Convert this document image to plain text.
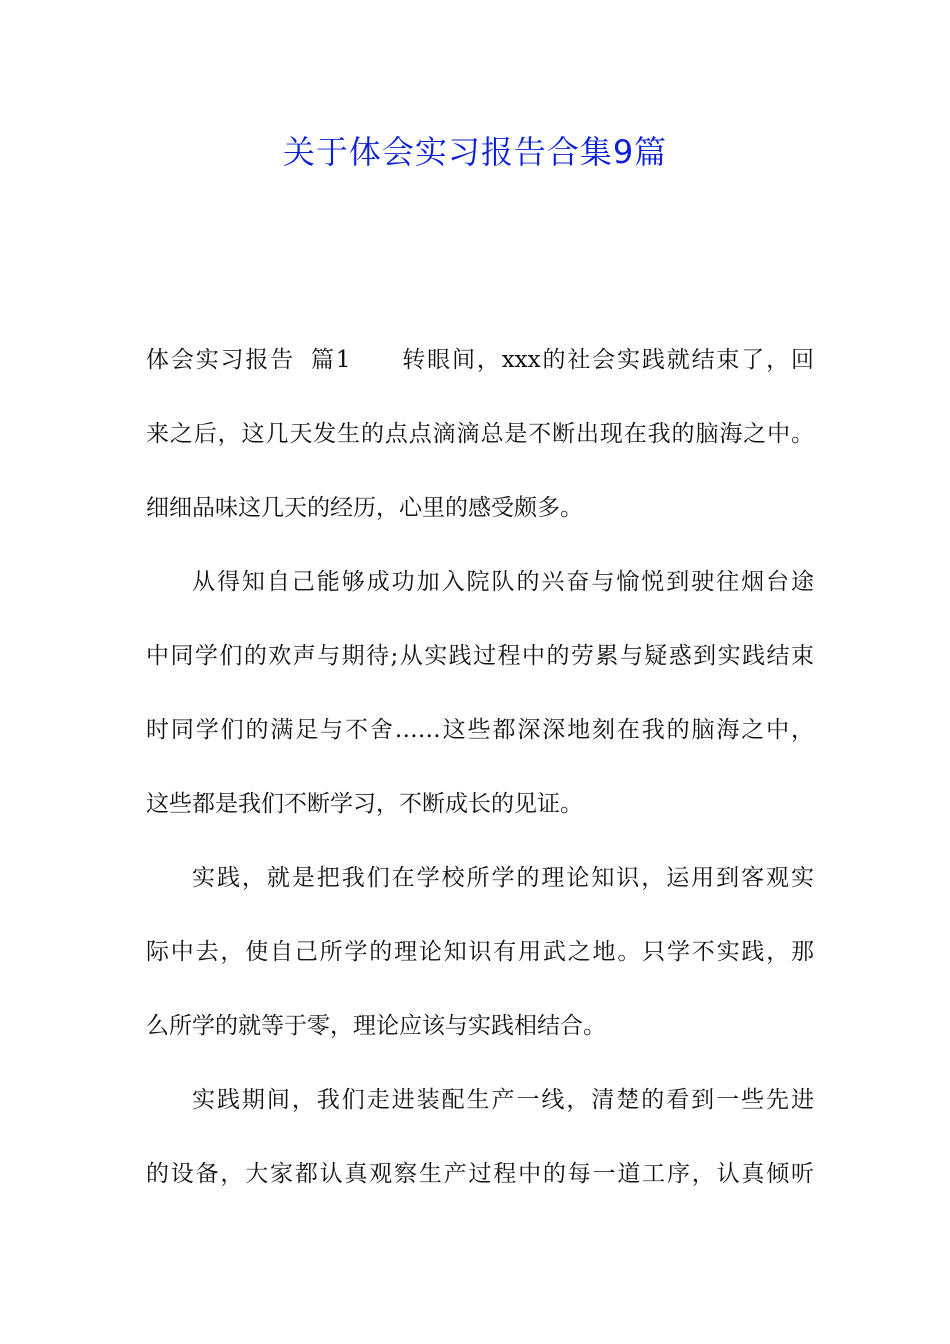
关于体会实习报告合集9篇
体会实习报告 篇1 转眼间，xxx的社会实践就结束了，回
来之后，这几天发生的点点滴滴总是不断出现在我的脑海之中。
细细品味这几天的经历，心里的感受颇多。
从得知自己能够成功加入院队的兴奋与愉悦到驶往烟台途
中同学们的欢声与期待;从实践过程中的劳累与疑惑到实践结束
时同学们的满足与不舍……这些都深深地刻在我的脑海之中，
这些都是我们不断学习，不断成长的见证。
实践，就是把我们在学校所学的理论知识，运用到客观实
际中去，使自己所学的理论知识有用武之地。只学不实践，那
么所学的就等于零，理论应该与实践相结合。
实践期间，我们走进装配生产一线，清楚的看到一些先进
的设备，大家都认真观察生产过程中的每一道工序，认真倾听
